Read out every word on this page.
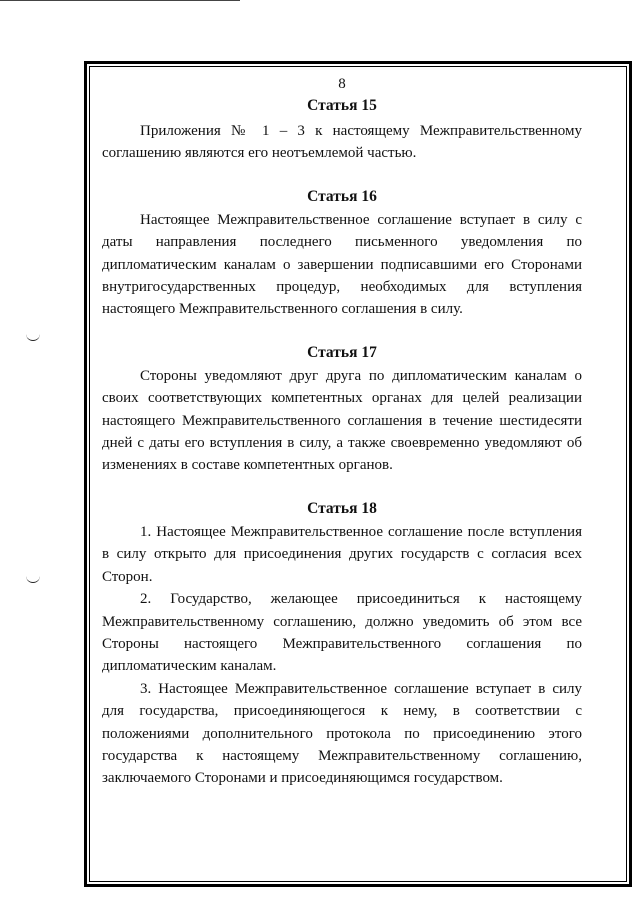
8
Статья 15

Приложения № 1 – 3 к настоящему Межправительственному соглашению являются его неотъемлемой частью.

Статья 16

Настоящее Межправительственное соглашение вступает в силу с даты направления последнего письменного уведомления по дипломатическим каналам о завершении подписавшими его Сторонами внутригосударственных процедур, необходимых для вступления настоящего Межправительственного соглашения в силу.

Статья 17

Стороны уведомляют друг друга по дипломатическим каналам о своих соответствующих компетентных органах для целей реализации настоящего Межправительственного соглашения в течение шестидесяти дней с даты его вступления в силу, а также своевременно уведомляют об изменениях в составе компетентных органов.

Статья 18

1. Настоящее Межправительственное соглашение после вступления в силу открыто для присоединения других государств с согласия всех Сторон.

2. Государство, желающее присоединиться к настоящему Межправительственному соглашению, должно уведомить об этом все Стороны настоящего Межправительственного соглашения по дипломатическим каналам.

3. Настоящее Межправительственное соглашение вступает в силу для государства, присоединяющегося к нему, в соответствии с положениями дополнительного протокола по присоединению этого государства к настоящему Межправительственному соглашению, заключаемого Сторонами и присоединяющимся государством.
